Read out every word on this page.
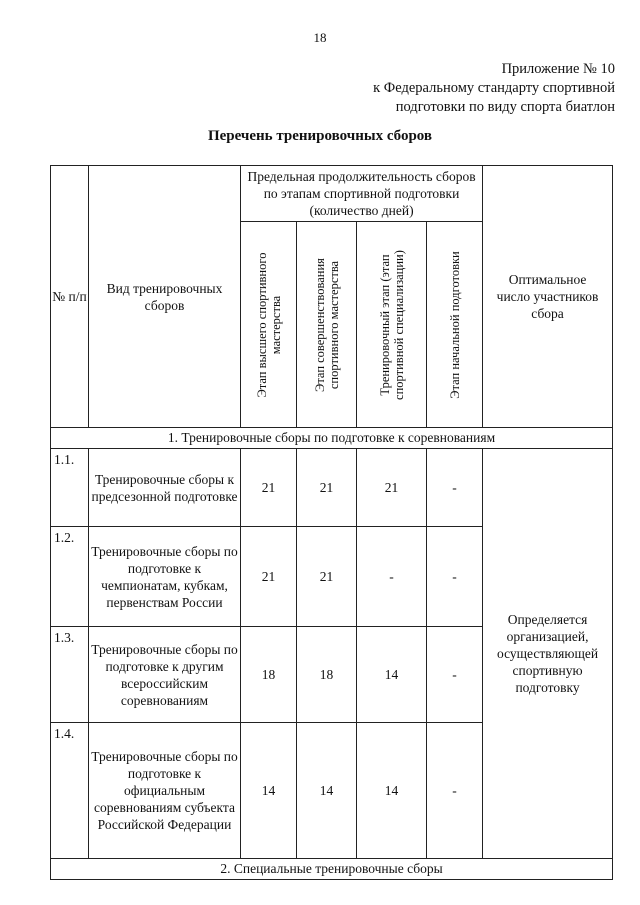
18
Приложение № 10
к Федеральному стандарту спортивной
подготовки по виду спорта биатлон
Перечень тренировочных сборов
№ п/п	Вид тренировочных сборов	Предельная продолжительность сборов по этапам спортивной подготовки (количество дней)				Оптимальное число участников сбора

		Этап высшего спортивного мастерства	Этап совершенствования спортивного мастерства	Тренировочный этап (этап спортивной специализации)	Этап начальной подготовки	

1. Тренировочные сборы по подготовке к соревнованиям						
1.1.	Тренировочные сборы к предсезонной подготовке	21	21	21	-	Определяется организацией, осуществляющей спортивную подготовку
1.2.	Тренировочные сборы по подготовке к чемпионатам, кубкам, первенствам России	21	21	-	-	
1.3.	Тренировочные сборы по подготовке к другим всероссийским соревнованиям	18	18	14	-	
1.4.	Тренировочные сборы по подготовке к официальным соревнованиям субъекта Российской Федерации	14	14	14	-	
2. Специальные тренировочные сборы						
